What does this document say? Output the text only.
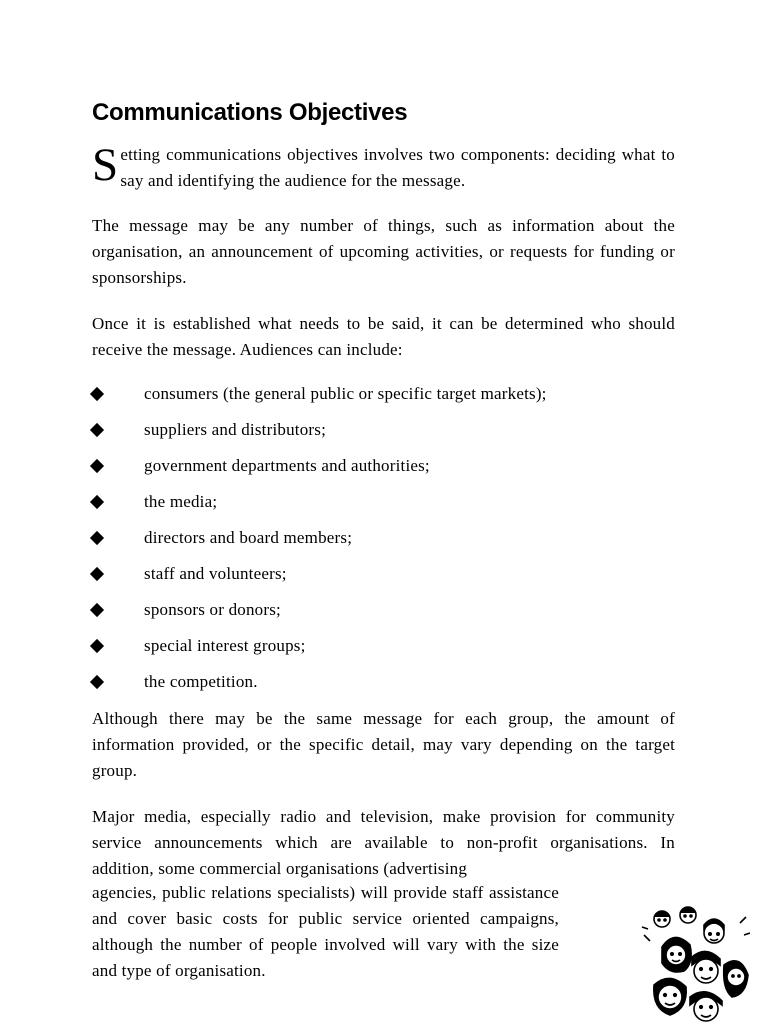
Communications Objectives

Setting communications objectives involves two components: deciding what to say and identifying the audience for the message.

The message may be any number of things, such as information about the organisation, an announcement of upcoming activities, or requests for funding or sponsorships.

Once it is established what needs to be said, it can be determined who should receive the message. Audiences can include:

consumers (the general public or specific target markets);
suppliers and distributors;
government departments and authorities;
the media;
directors and board members;
staff and volunteers;
sponsors or donors;
special interest groups;
the competition.

Although there may be the same message for each group, the amount of information provided, or the specific detail, may vary depending on the target group.

Major media, especially radio and television, make provision for community service announcements which are available to non-profit organisations. In addition, some commercial organisations (advertising

agencies, public relations specialists) will provide staff assistance and cover basic costs for public service oriented campaigns, although the number of people involved will vary with the size and type of organisation.
